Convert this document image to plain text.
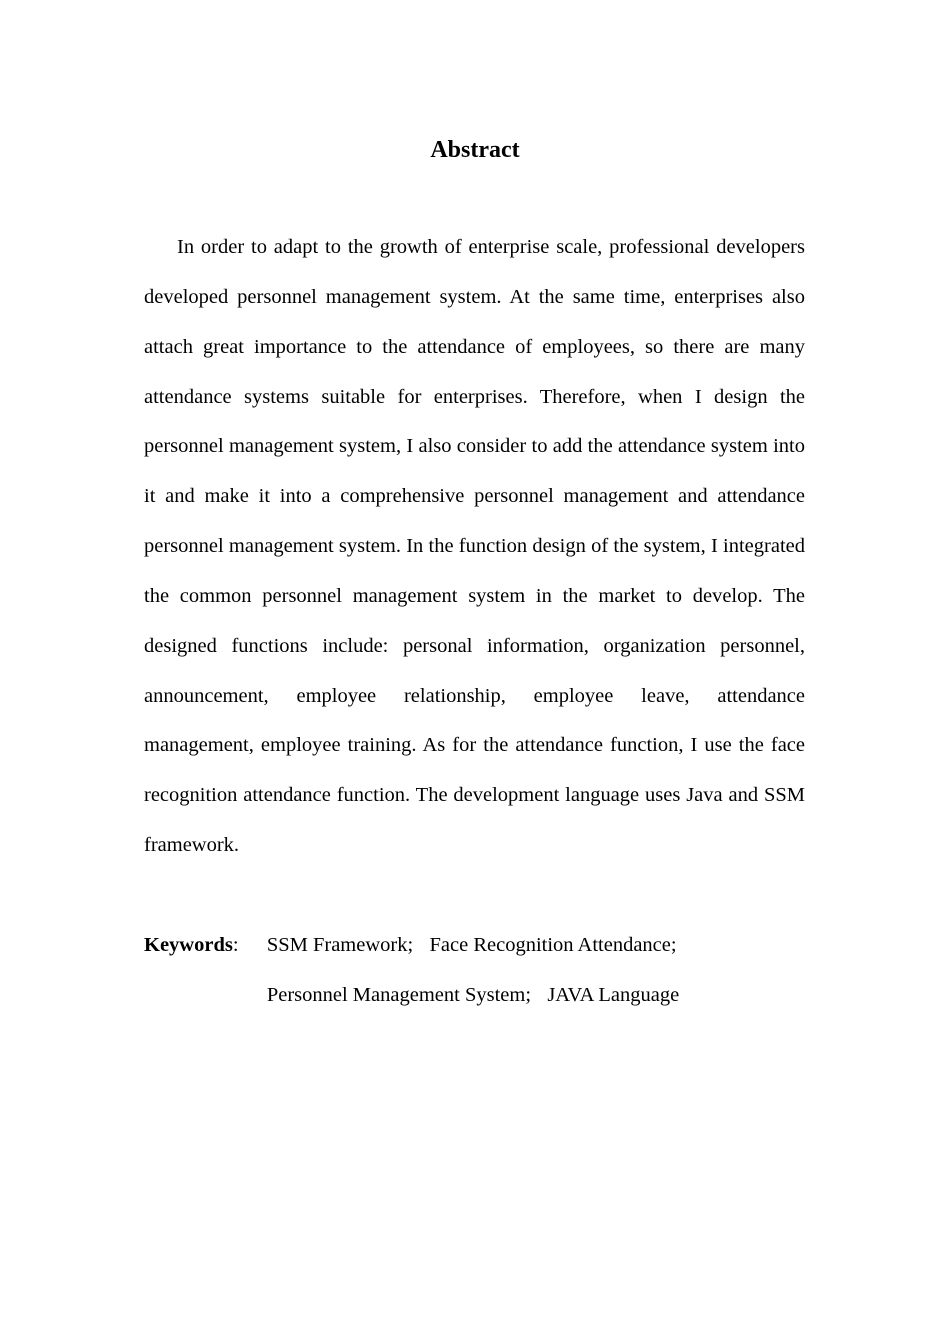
Abstract

In order to adapt to the growth of enterprise scale, professional developers developed personnel management system. At the same time, enterprises also attach great importance to the attendance of employees, so there are many attendance systems suitable for enterprises. Therefore, when I design the personnel management system, I also consider to add the attendance system into it and make it into a comprehensive personnel management and attendance personnel management system. In the function design of the system, I integrated the common personnel management system in the market to develop. The designed functions include: personal information, organization personnel, announcement, employee relationship, employee leave, attendance management, employee training. As for the attendance function, I use the face recognition attendance function. The development language uses Java and SSM framework.

Keywords:	SSM Framework; Face Recognition Attendance;
Personnel Management System; JAVA Language
